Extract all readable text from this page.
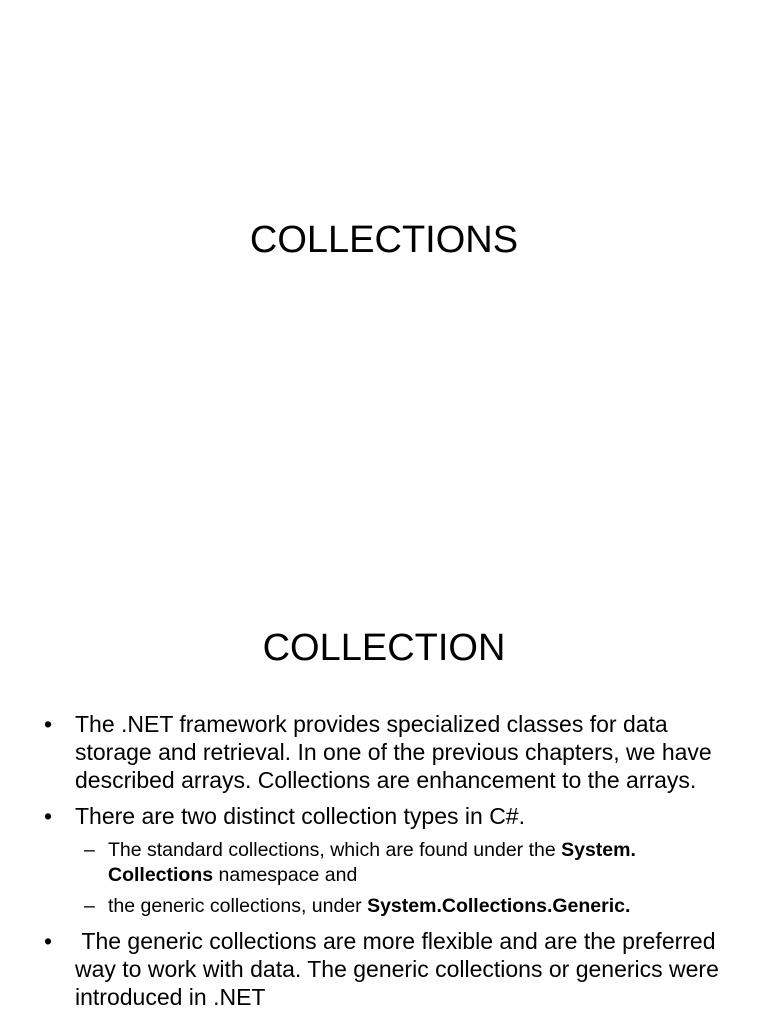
COLLECTIONS
COLLECTION
• The .NET framework provides specialized classes for data storage and retrieval. In one of the previous chapters, we have described arrays. Collections are enhancement to the arrays.
• There are two distinct collection types in C#.
– The standard collections, which are found under the System. Collections namespace and
– the generic collections, under System.Collections.Generic.
• The generic collections are more flexible and are the preferred way to work with data. The generic collections or generics were introduced in .NET
